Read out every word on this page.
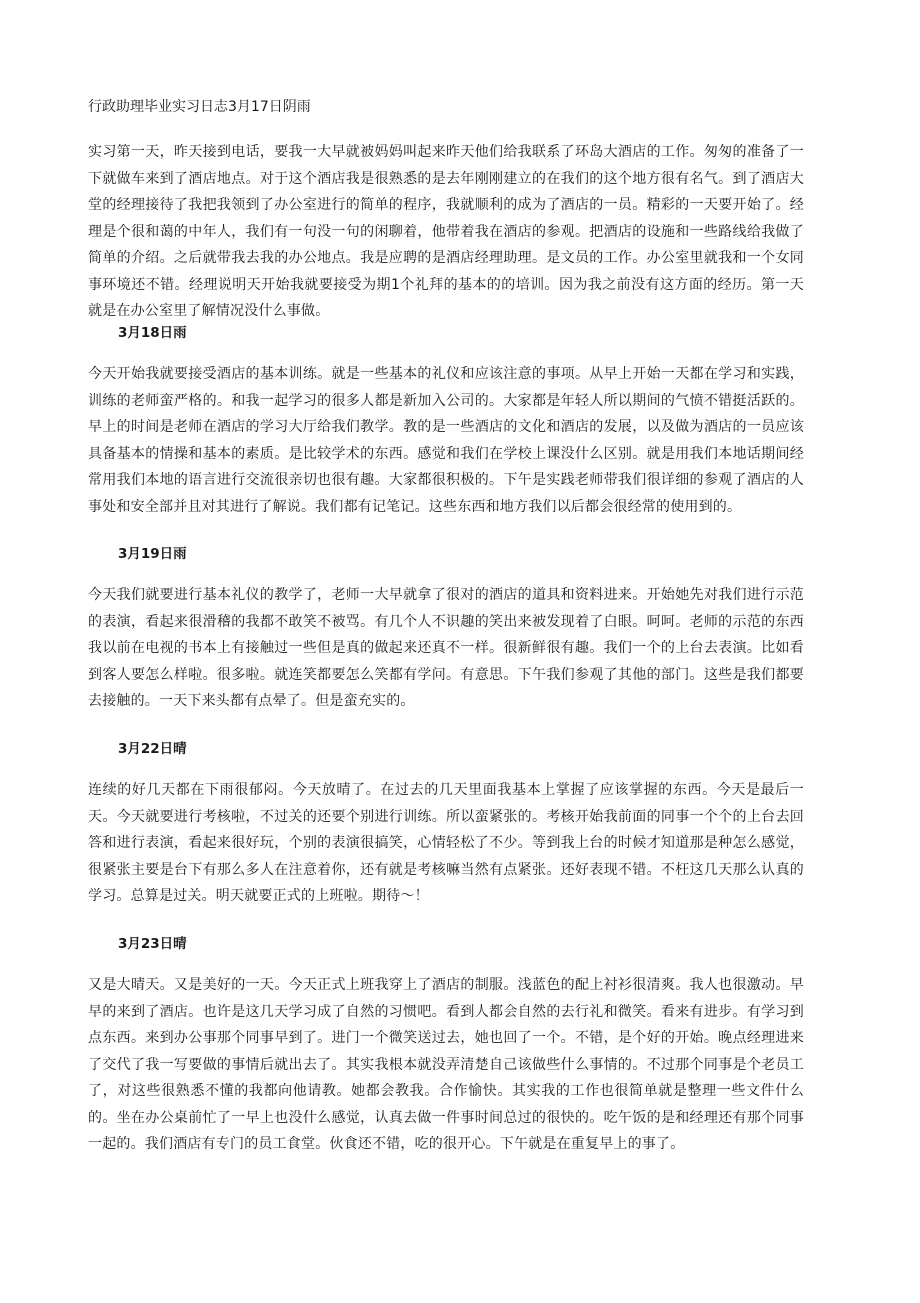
行政助理毕业实习日志3月17日阴雨

实习第一天，昨天接到电话，要我一大早就被妈妈叫起来昨天他们给我联系了环岛大酒店的工作。匆匆的准备了一下就做车来到了酒店地点。对于这个酒店我是很熟悉的是去年刚刚建立的在我们的这个地方很有名气。到了酒店大堂的经理接待了我把我领到了办公室进行的简单的程序，我就顺利的成为了酒店的一员。精彩的一天要开始了。经理是个很和蔼的中年人，我们有一句没一句的闲聊着，他带着我在酒店的参观。把酒店的设施和一些路线给我做了简单的介绍。之后就带我去我的办公地点。我是应聘的是酒店经理助理。是文员的工作。办公室里就我和一个女同事环境还不错。经理说明天开始我就要接受为期1个礼拜的基本的的培训。因为我之前没有这方面的经历。第一天就是在办公室里了解情况没什么事做。

3月18日雨

今天开始我就要接受酒店的基本训练。就是一些基本的礼仪和应该注意的事项。从早上开始一天都在学习和实践，训练的老师蛮严格的。和我一起学习的很多人都是新加入公司的。大家都是年轻人所以期间的气愤不错挺活跃的。早上的时间是老师在酒店的学习大厅给我们教学。教的是一些酒店的文化和酒店的发展，以及做为酒店的一员应该具备基本的情操和基本的素质。是比较学术的东西。感觉和我们在学校上课没什么区别。就是用我们本地话期间经常用我们本地的语言进行交流很亲切也很有趣。大家都很积极的。下午是实践老师带我们很详细的参观了酒店的人事处和安全部并且对其进行了解说。我们都有记笔记。这些东西和地方我们以后都会很经常的使用到的。

3月19日雨

今天我们就要进行基本礼仪的教学了，老师一大早就拿了很对的酒店的道具和资料进来。开始她先对我们进行示范的表演，看起来很滑稽的我都不敢笑不被骂。有几个人不识趣的笑出来被发现着了白眼。呵呵。老师的示范的东西我以前在电视的书本上有接触过一些但是真的做起来还真不一样。很新鲜很有趣。我们一个的上台去表演。比如看到客人要怎么样啦。很多啦。就连笑都要怎么笑都有学问。有意思。下午我们参观了其他的部门。这些是我们都要去接触的。一天下来头都有点晕了。但是蛮充实的。

3月22日晴

连续的好几天都在下雨很郁闷。今天放晴了。在过去的几天里面我基本上掌握了应该掌握的东西。今天是最后一天。今天就要进行考核啦，不过关的还要个别进行训练。所以蛮紧张的。考核开始我前面的同事一个个的上台去回答和进行表演，看起来很好玩，个别的表演很搞笑，心情轻松了不少。等到我上台的时候才知道那是种怎么感觉，很紧张主要是台下有那么多人在注意着你，还有就是考核嘛当然有点紧张。还好表现不错。不枉这几天那么认真的学习。总算是过关。明天就要正式的上班啦。期待～！

3月23日晴

又是大晴天。又是美好的一天。今天正式上班我穿上了酒店的制服。浅蓝色的配上衬衫很清爽。我人也很激动。早早的来到了酒店。也许是这几天学习成了自然的习惯吧。看到人都会自然的去行礼和微笑。看来有进步。有学习到点东西。来到办公事那个同事早到了。进门一个微笑送过去，她也回了一个。不错，是个好的开始。晚点经理进来了交代了我一写要做的事情后就出去了。其实我根本就没弄清楚自己该做些什么事情的。不过那个同事是个老员工了，对这些很熟悉不懂的我都向他请教。她都会教我。合作愉快。其实我的工作也很简单就是整理一些文件什么的。坐在办公桌前忙了一早上也没什么感觉，认真去做一件事时间总过的很快的。吃午饭的是和经理还有那个同事一起的。我们酒店有专门的员工食堂。伙食还不错，吃的很开心。下午就是在重复早上的事了。
